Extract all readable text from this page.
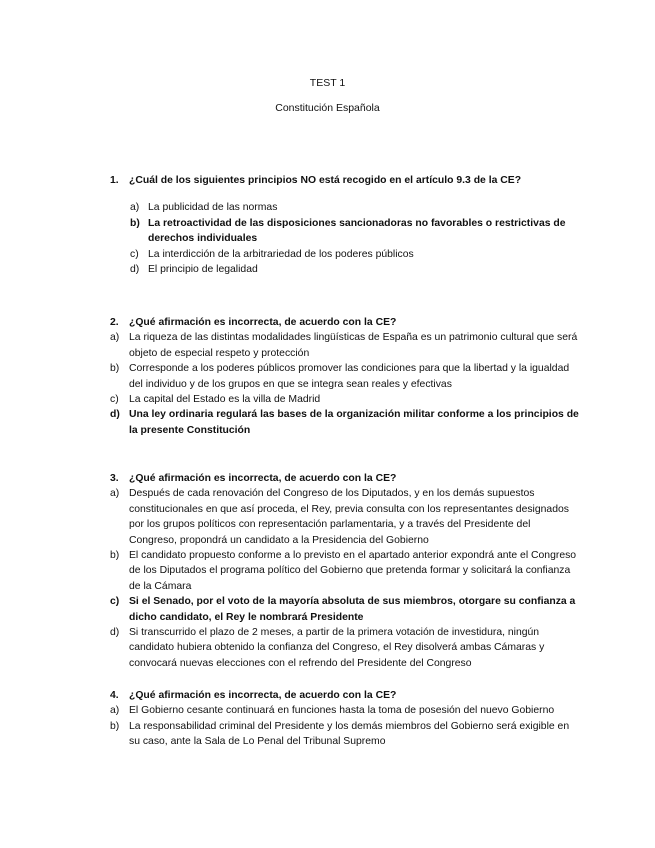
TEST 1
Constitución Española
1. ¿Cuál de los siguientes principios NO está recogido en el artículo 9.3 de la CE?
a) La publicidad de las normas
b) La retroactividad de las disposiciones sancionadoras no favorables o restrictivas de derechos individuales
c) La interdicción de la arbitrariedad de los poderes públicos
d) El principio de legalidad
2. ¿Qué afirmación es incorrecta, de acuerdo con la CE?
a) La riqueza de las distintas modalidades lingüísticas de España es un patrimonio cultural que será objeto de especial respeto y protección
b) Corresponde a los poderes públicos promover las condiciones para que la libertad y la igualdad del individuo y de los grupos en que se integra sean reales y efectivas
c) La capital del Estado es la villa de Madrid
d) Una ley ordinaria regulará las bases de la organización militar conforme a los principios de la presente Constitución
3. ¿Qué afirmación es incorrecta, de acuerdo con la CE?
a) Después de cada renovación del Congreso de los Diputados, y en los demás supuestos constitucionales en que así proceda, el Rey, previa consulta con los representantes designados por los grupos políticos con representación parlamentaria, y a través del Presidente del Congreso, propondrá un candidato a la Presidencia del Gobierno
b) El candidato propuesto conforme a lo previsto en el apartado anterior expondrá ante el Congreso de los Diputados el programa político del Gobierno que pretenda formar y solicitará la confianza de la Cámara
c) Si el Senado, por el voto de la mayoría absoluta de sus miembros, otorgare su confianza a dicho candidato, el Rey le nombrará Presidente
d) Si transcurrido el plazo de 2 meses, a partir de la primera votación de investidura, ningún candidato hubiera obtenido la confianza del Congreso, el Rey disolverá ambas Cámaras y convocará nuevas elecciones con el refrendo del Presidente del Congreso
4. ¿Qué afirmación es incorrecta, de acuerdo con la CE?
a) El Gobierno cesante continuará en funciones hasta la toma de posesión del nuevo Gobierno
b) La responsabilidad criminal del Presidente y los demás miembros del Gobierno será exigible en su caso, ante la Sala de Lo Penal del Tribunal Supremo
